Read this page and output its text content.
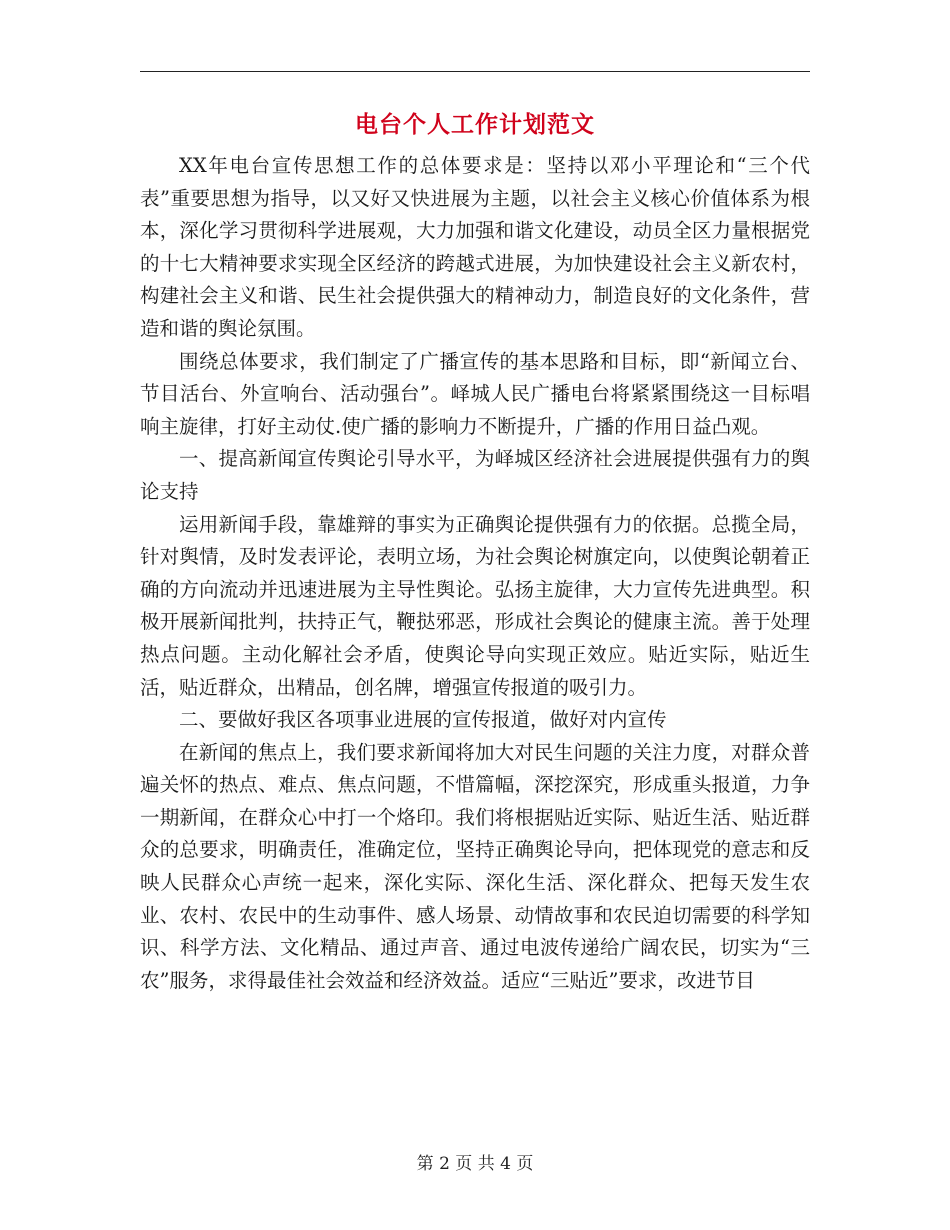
电台个人工作计划范文

XX年电台宣传思想工作的总体要求是：坚持以邓小平理论和“三个代表”重要思想为指导，以又好又快进展为主题，以社会主义核心价值体系为根本，深化学习贯彻科学进展观，大力加强和谐文化建设，动员全区力量根据党的十七大精神要求实现全区经济的跨越式进展，为加快建设社会主义新农村，构建社会主义和谐、民生社会提供强大的精神动力，制造良好的文化条件，营造和谐的舆论氛围。

围绕总体要求，我们制定了广播宣传的基本思路和目标，即“新闻立台、节目活台、外宣响台、活动强台”。峄城人民广播电台将紧紧围绕这一目标唱响主旋律，打好主动仗.使广播的影响力不断提升，广播的作用日益凸观。

一、提高新闻宣传舆论引导水平，为峄城区经济社会进展提供强有力的舆论支持

运用新闻手段，靠雄辩的事实为正确舆论提供强有力的依据。总揽全局，针对舆情，及时发表评论，表明立场，为社会舆论树旗定向，以使舆论朝着正确的方向流动并迅速进展为主导性舆论。弘扬主旋律，大力宣传先进典型。积极开展新闻批判，扶持正气，鞭挞邪恶，形成社会舆论的健康主流。善于处理热点问题。主动化解社会矛盾，使舆论导向实现正效应。贴近实际，贴近生活，贴近群众，出精品，创名牌，增强宣传报道的吸引力。

二、要做好我区各项事业进展的宣传报道，做好对内宣传

在新闻的焦点上，我们要求新闻将加大对民生问题的关注力度，对群众普遍关怀的热点、难点、焦点问题，不惜篇幅，深挖深究，形成重头报道，力争一期新闻，在群众心中打一个烙印。我们将根据贴近实际、贴近生活、贴近群众的总要求，明确责任，准确定位，坚持正确舆论导向，把体现党的意志和反映人民群众心声统一起来，深化实际、深化生活、深化群众、把每天发生农业、农村、农民中的生动事件、感人场景、动情故事和农民迫切需要的科学知识、科学方法、文化精品、通过声音、通过电波传递给广阔农民，切实为“三农”服务，求得最佳社会效益和经济效益。适应“三贴近”要求，改进节目

第 2 页 共 4 页
